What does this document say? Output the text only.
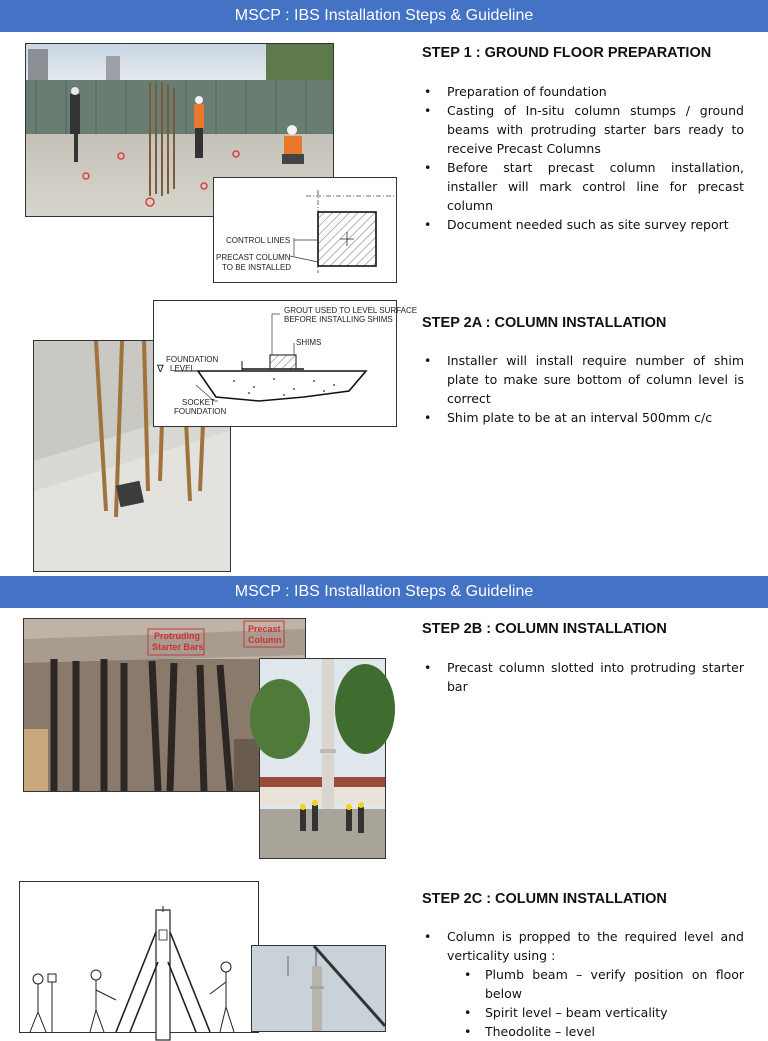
MSCP : IBS Installation Steps & Guideline
CONTROL LINES
PRECAST COLUMN
TO BE INSTALLED
STEP 1 : GROUND FLOOR PREPARATION
• Preparation of foundation
• Casting of In-situ column stumps / ground beams with protruding starter bars ready to receive Precast Columns
• Before start precast column installation, installer will mark control line for precast column
• Document needed such as site survey report
GROUT USED TO LEVEL SURFACE
BEFORE INSTALLING SHIMS
SHIMS
FOUNDATION
LEVEL
∇
SOCKET
FOUNDATION
STEP 2A : COLUMN INSTALLATION
• Installer will install require number of shim plate to make sure bottom of column level is correct
• Shim plate to be at an interval 500mm c/c
MSCP : IBS Installation Steps & Guideline
Protruding
Starter Bars
Precast
Column
STEP 2B : COLUMN INSTALLATION
• Precast column slotted into protruding starter bar
STEP 2C : COLUMN INSTALLATION
• Column is propped to the required level and verticality using :
• Plumb beam – verify position on floor below
• Spirit level – beam verticality
• Theodolite – level
